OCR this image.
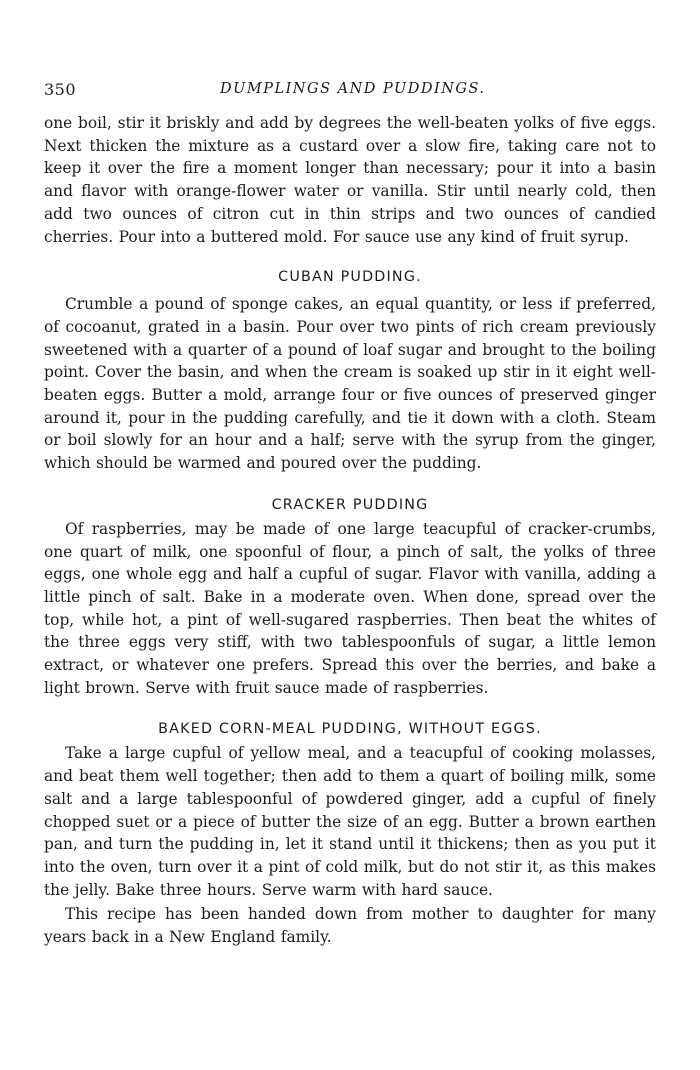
350	DUMPLINGS AND PUDDINGS.

one boil, stir it briskly and add by degrees the well-beaten yolks of five eggs. Next thicken the mixture as a custard over a slow fire, taking care not to keep it over the fire a moment longer than necessary; pour it into a basin and flavor with orange-flower water or vanilla. Stir until nearly cold, then add two ounces of citron cut in thin strips and two ounces of candied cherries. Pour into a buttered mold. For sauce use any kind of fruit syrup.

CUBAN PUDDING.

Crumble a pound of sponge cakes, an equal quantity, or less if preferred, of cocoanut, grated in a basin. Pour over two pints of rich cream previously sweetened with a quarter of a pound of loaf sugar and brought to the boiling point. Cover the basin, and when the cream is soaked up stir in it eight well-beaten eggs. Butter a mold, arrange four or five ounces of preserved ginger around it, pour in the pudding carefully, and tie it down with a cloth. Steam or boil slowly for an hour and a half; serve with the syrup from the ginger, which should be warmed and poured over the pudding.

CRACKER PUDDING

Of raspberries, may be made of one large teacupful of cracker-crumbs, one quart of milk, one spoonful of flour, a pinch of salt, the yolks of three eggs, one whole egg and half a cupful of sugar. Flavor with vanilla, adding a little pinch of salt. Bake in a moderate oven. When done, spread over the top, while hot, a pint of well-sugared raspberries. Then beat the whites of the three eggs very stiff, with two tablespoonfuls of sugar, a little lemon extract, or whatever one prefers. Spread this over the berries, and bake a light brown. Serve with fruit sauce made of raspberries.

BAKED CORN-MEAL PUDDING, WITHOUT EGGS.

Take a large cupful of yellow meal, and a teacupful of cooking molasses, and beat them well together; then add to them a quart of boiling milk, some salt and a large tablespoonful of powdered ginger, add a cupful of finely chopped suet or a piece of butter the size of an egg. Butter a brown earthen pan, and turn the pudding in, let it stand until it thickens; then as you put it into the oven, turn over it a pint of cold milk, but do not stir it, as this makes the jelly. Bake three hours. Serve warm with hard sauce.

This recipe has been handed down from mother to daughter for many years back in a New England family.
